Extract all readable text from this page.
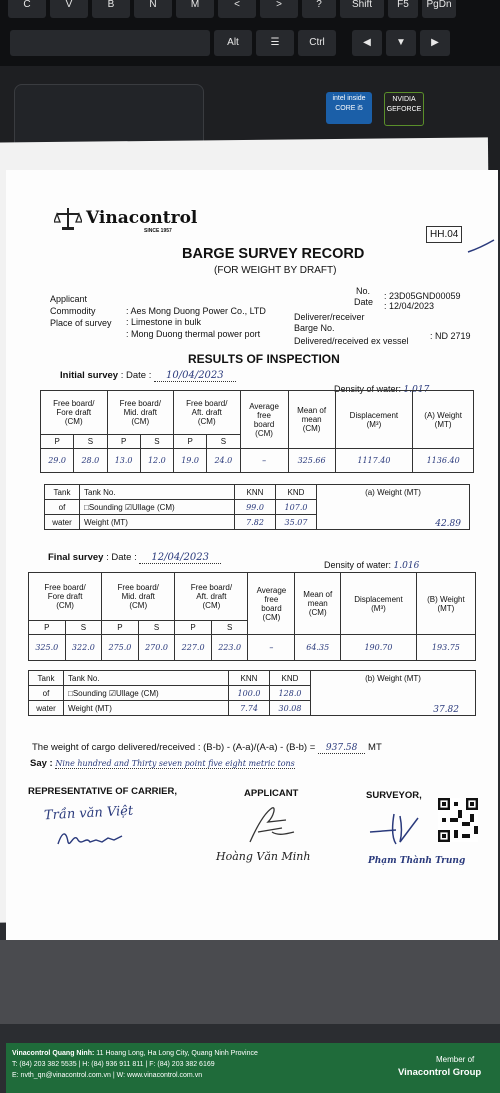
C	V	B	N	M	<	>	?	Shift	F5	PgDn
Alt	☰	Ctrl	◀	▼	▶
intel inside CORE i5
NVIDIA GEFORCE
Vinacontrol
SINCE 1957	HH.04
BARGE SURVEY RECORD
(FOR WEIGHT BY DRAFT)
No. : 23D05GND00059
Date : 12/04/2023
Applicant
: Aes Mong Duong Power Co., LTD
Commodity
: Limestone in bulk
Place of survey
: Mong Duong thermal power port
Deliverer/receiver
Barge No.
: ND 2719
Delivered/received ex vessel
RESULTS OF INSPECTION
Initial survey : Date : 10/04/2023
Density of water: 1.017
Free board/
Fore draft
(CM)		Free board/
Mid. draft
(CM)		Free board/
Aft. draft
(CM)		Average
free
board
(CM)	Mean of
mean
(CM)	Displacement
(M³)	(A) Weight
(MT)
P	S	P	S	P	S				
29.0	28.0	13.0	12.0	19.0	24.0	–	325.66	1117.40	1136.40
Tank	Tank No.	KNN	KND	(a) Weight (MT)
42.89

of	□Sounding ☑Ullage (CM)	99.0	107.0	
water	Weight (MT)	7.82	35.07	
Final survey : Date : 12/04/2023
Density of water: 1.016
Free board/
Fore draft
(CM)		Free board/
Mid. draft
(CM)		Free board/
Aft. draft
(CM)		Average
free
board
(CM)	Mean of
mean
(CM)	Displacement
(M³)	(B) Weight
(MT)
P	S	P	S	P	S				
325.0	322.0	275.0	270.0	227.0	223.0	–	64.35	190.70	193.75
Tank	Tank No.	KNN	KND	(b) Weight (MT)
37.82

of	□Sounding ☑Ullage (CM)	100.0	128.0	
water	Weight (MT)	7.74	30.08	
The weight of cargo delivered/received : (B-b) - (A-a)/(A-a) - (B-b) = 937.58 MT
Say : Nine hundred and Thirty seven point five eight metric tons
REPRESENTATIVE OF CARRIER,	APPLICANT	SURVEYOR,
Trần văn Việt
Hoàng Văn Minh	Phạm Thành Trung
Vinacontrol Quang Ninh: 11 Hoang Long, Ha Long City, Quang Ninh Province
T: (84) 203 382 5535 | H: (84) 936 911 811 | F: (84) 203 382 6169
E: nvth_qn@vinacontrol.com.vn | W: www.vinacontrol.com.vn
Member of
Vinacontrol Group
